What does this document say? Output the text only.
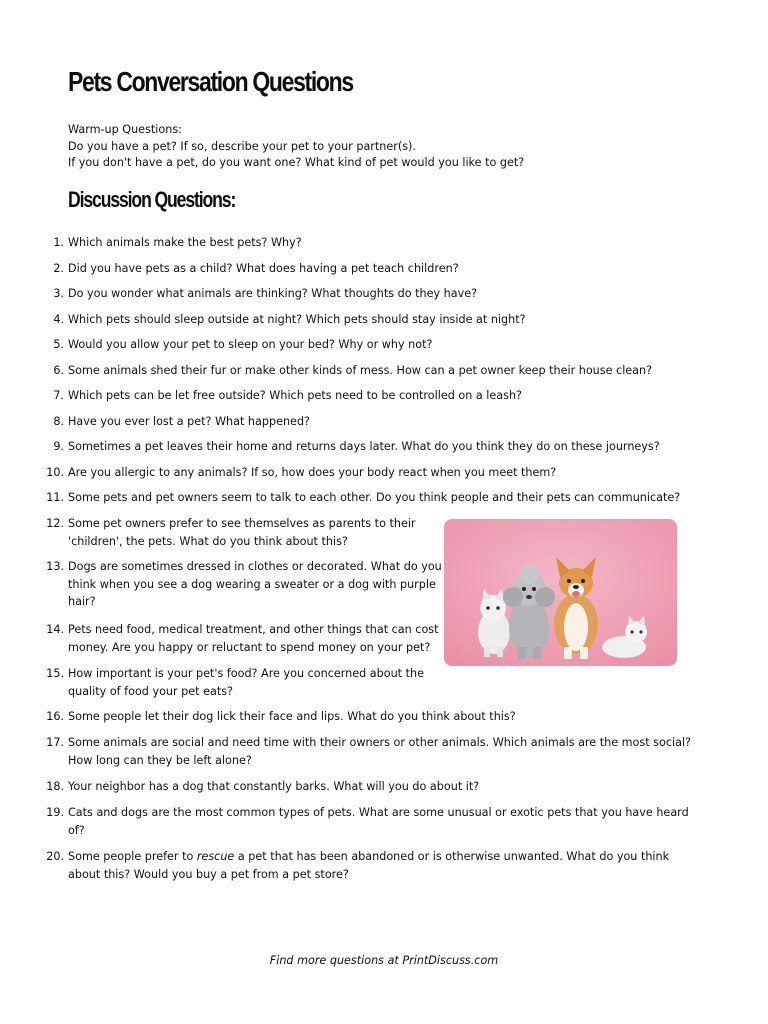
Pets Conversation Questions
Warm-up Questions:
Do you have a pet? If so, describe your pet to your partner(s).
If you don't have a pet, do you want one? What kind of pet would you like to get?
Discussion Questions:
1. Which animals make the best pets? Why?
2. Did you have pets as a child? What does having a pet teach children?
3. Do you wonder what animals are thinking? What thoughts do they have?
4. Which pets should sleep outside at night? Which pets should stay inside at night?
5. Would you allow your pet to sleep on your bed? Why or why not?
6. Some animals shed their fur or make other kinds of mess. How can a pet owner keep their house clean?
7. Which pets can be let free outside? Which pets need to be controlled on a leash?
8. Have you ever lost a pet? What happened?
9. Sometimes a pet leaves their home and returns days later. What do you think they do on these journeys?
10. Are you allergic to any animals? If so, how does your body react when you meet them?
11. Some pets and pet owners seem to talk to each other. Do you think people and their pets can communicate?
12. Some pet owners prefer to see themselves as parents to their
'children', the pets. What do you think about this?
13. Dogs are sometimes dressed in clothes or decorated. What do you
think when you see a dog wearing a sweater or a dog with purple
hair?
14. Pets need food, medical treatment, and other things that can cost
money. Are you happy or reluctant to spend money on your pet?
15. How important is your pet's food? Are you concerned about the
quality of food your pet eats?
16. Some people let their dog lick their face and lips. What do you think about this?
17. Some animals are social and need time with their owners or other animals. Which animals are the most social?
How long can they be left alone?
18. Your neighbor has a dog that constantly barks. What will you do about it?
19. Cats and dogs are the most common types of pets. What are some unusual or exotic pets that you have heard
of?
20. Some people prefer to rescue a pet that has been abandoned or is otherwise unwanted. What do you think
about this? Would you buy a pet from a pet store?
Find more questions at PrintDiscuss.com
